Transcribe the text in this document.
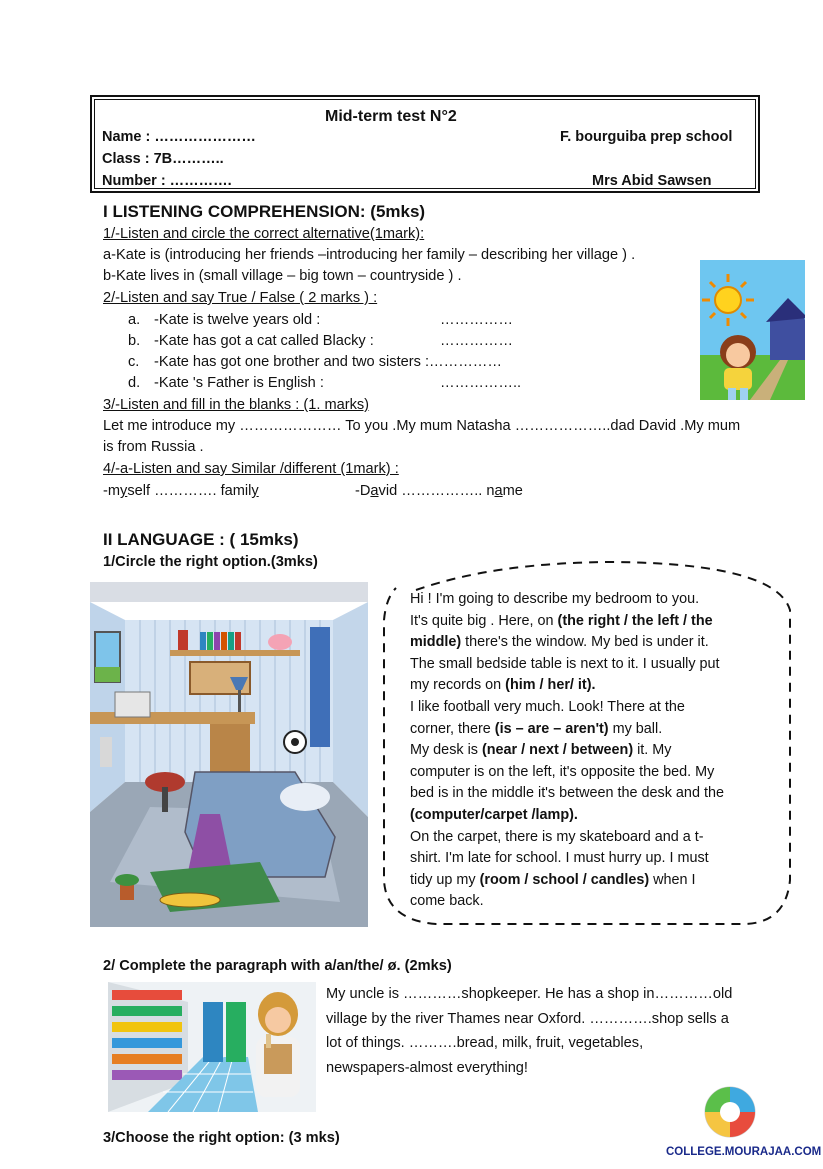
Mid-term test N°2
Name : …………………	F. bourguiba prep school
Class : 7B………..
Number : ………….	Mrs Abid Sawsen
I LISTENING COMPREHENSION: (5mks)
1/-Listen and circle the correct alternative(1mark):
a-Kate is (introducing her friends –introducing her family – describing her village ) .
b-Kate lives in (small village – big town – countryside ) .
2/-Listen and say True / False ( 2 marks ) :
a. -Kate is twelve years old :	……………
b. -Kate has got a cat called Blacky :	……………
c. -Kate has got one brother and two sisters :……………
d. -Kate 's Father is English :	……………..
3/-Listen and fill in the blanks : (1. marks)
Let me introduce my ………………… To you .My mum Natasha ………………..dad David .My mum
is from Russia .
4/-a-Listen and say Similar /different (1mark) :
-myself …………. family	-David …………….. name
II LANGUAGE : ( 15mks)
1/Circle the right option.(3mks)
Hi ! I'm going to describe my bedroom to you.
It's quite big . Here, on (the right / the left / the
middle) there's the window. My bed is under it.
The small bedside table is next to it. I usually put
my records on (him / her/ it).
I like football very much. Look! There at the
corner, there (is – are – aren't) my ball.
My desk is (near / next / between) it. My
computer is on the left, it's opposite the bed. My
bed is in the middle it's between the desk and the
(computer/carpet /lamp).
On the carpet, there is my skateboard and a t-
shirt. I'm late for school. I must hurry up. I must
tidy up my (room / school / candles) when I
come back.
2/ Complete the paragraph with a/an/the/ ø. (2mks)
My uncle is …………shopkeeper. He has a shop in…………old
village by the river Thames near Oxford. ………….shop sells a
lot of things. ……….bread, milk, fruit, vegetables,
newspapers-almost everything!
3/Choose the right option: (3 mks)
COLLEGE.MOURAJAA.COM
